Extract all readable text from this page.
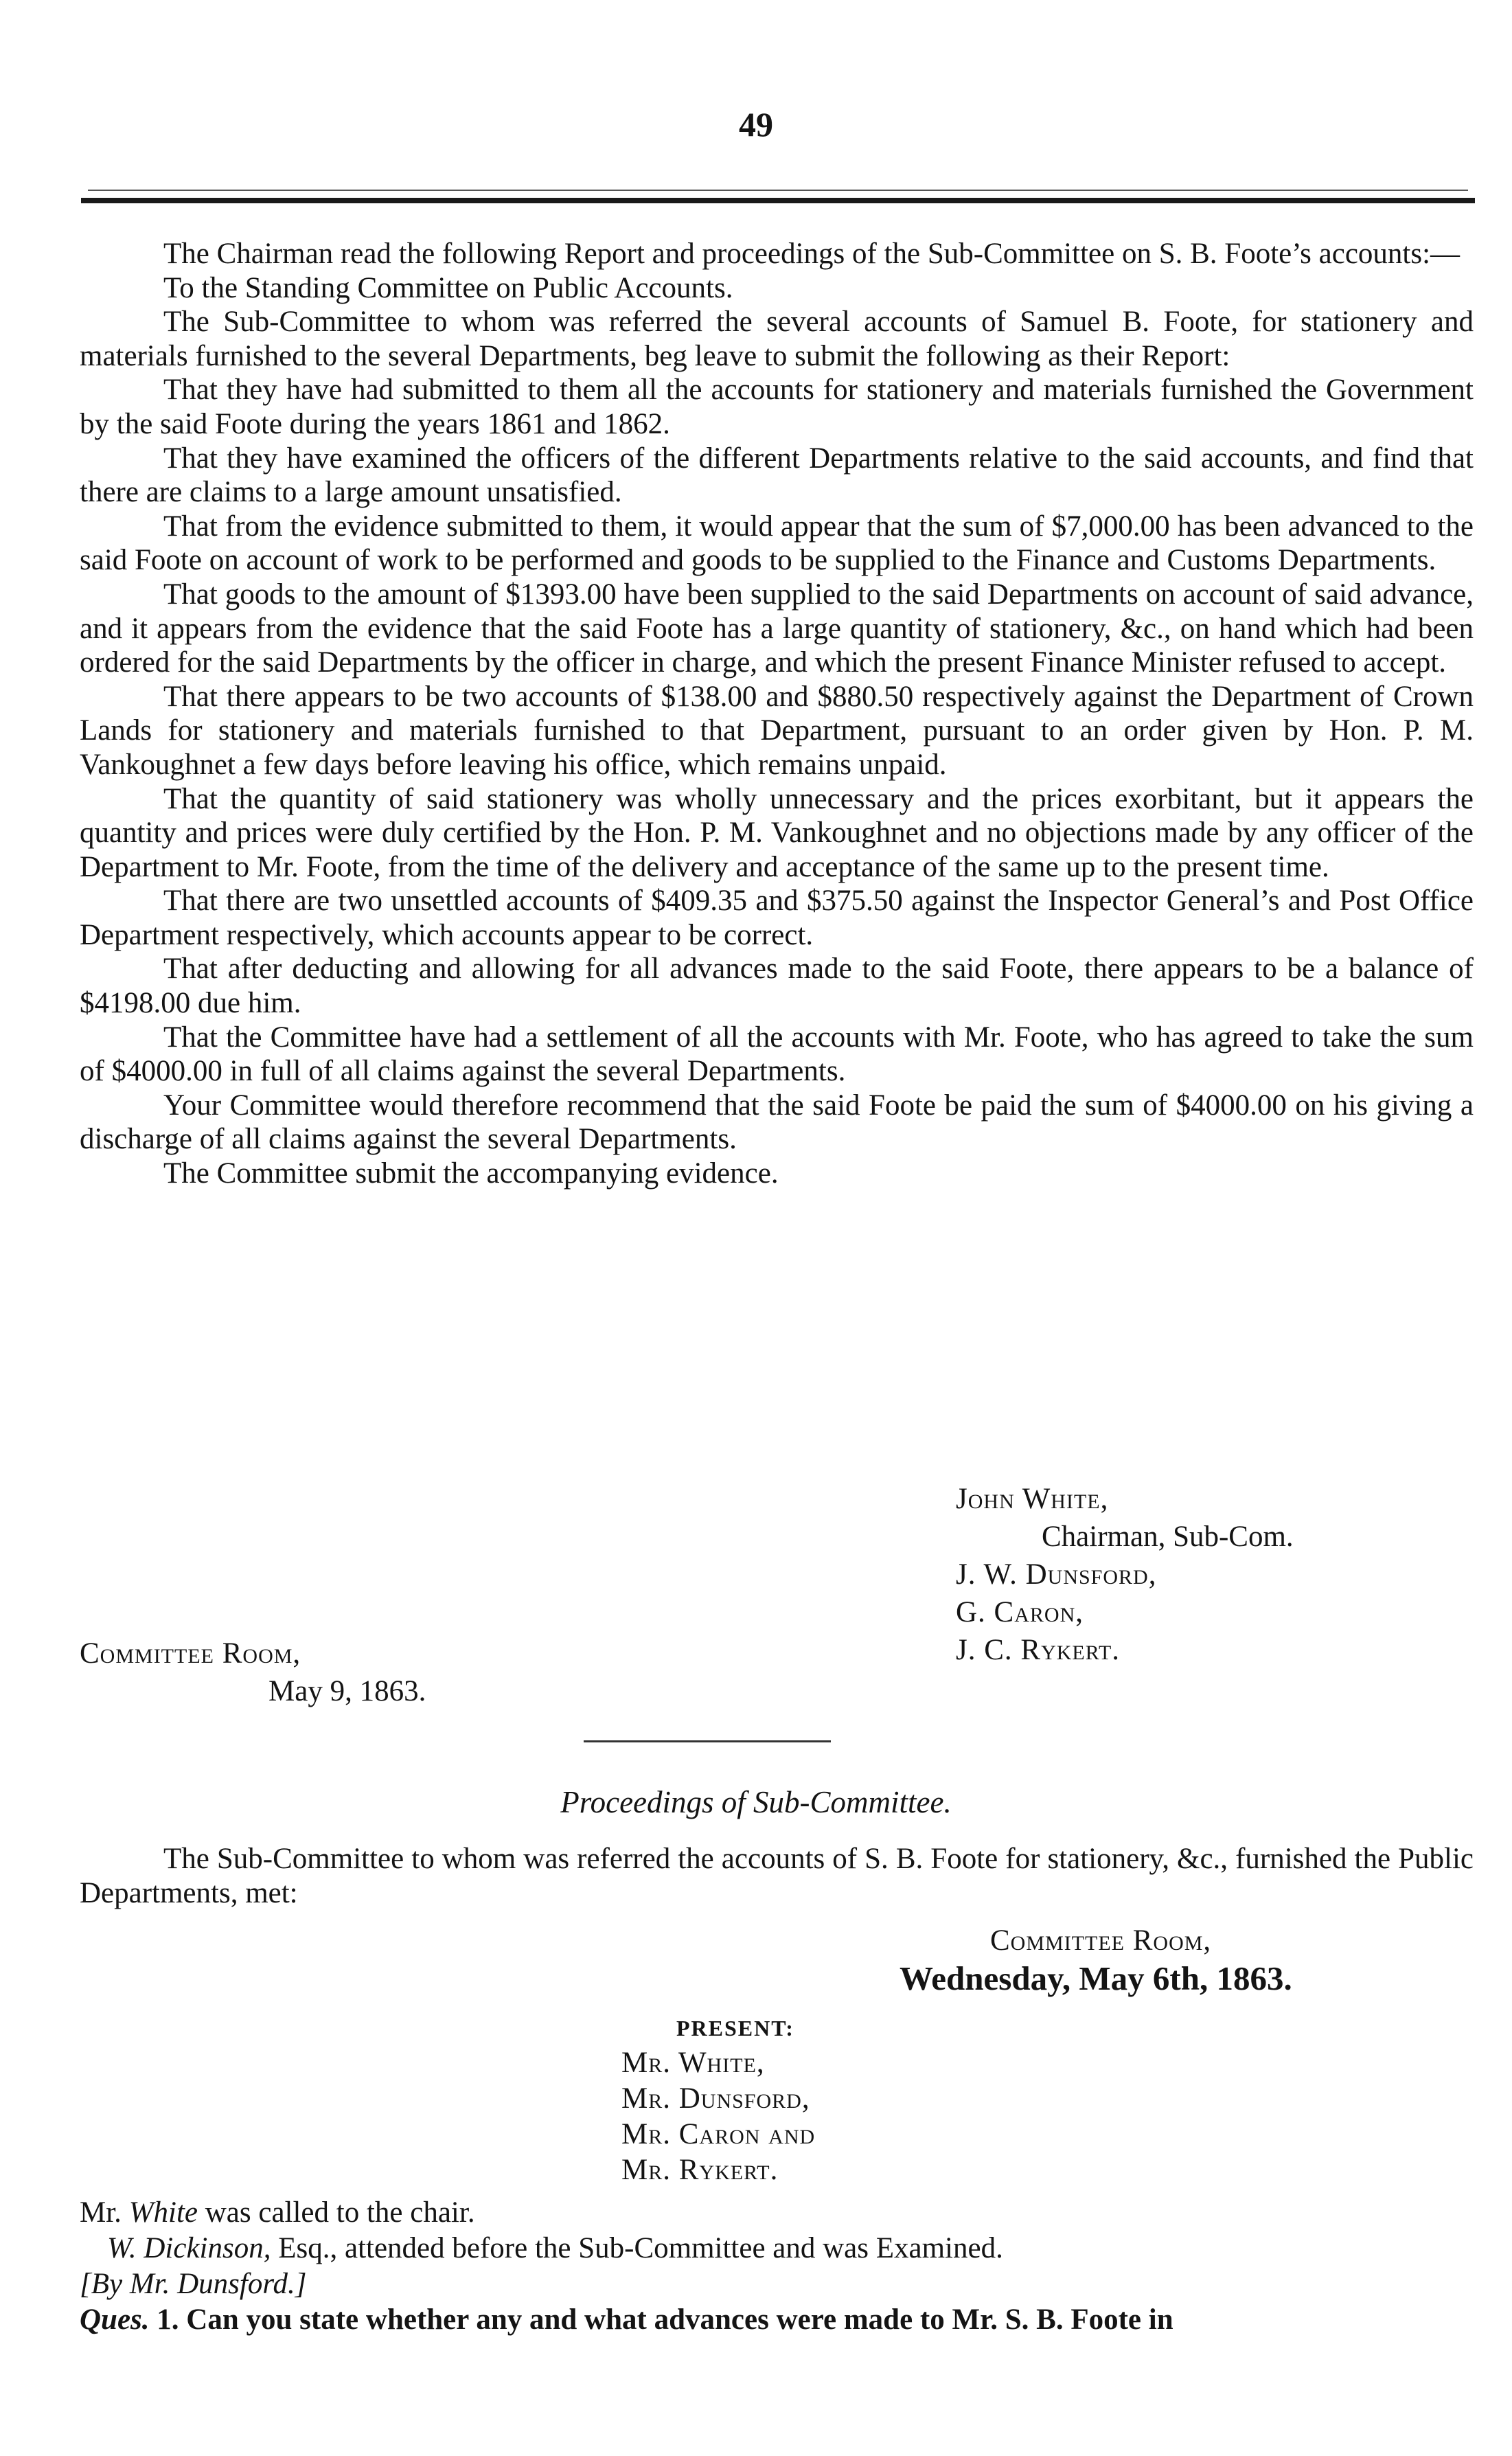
49

The Chairman read the following Report and proceedings of the Sub-Committee on S. B. Foote’s accounts:—

To the Standing Committee on Public Accounts.

The Sub-Committee to whom was referred the several accounts of Samuel B. Foote, for stationery and materials furnished to the several Departments, beg leave to submit the following as their Report:

That they have had submitted to them all the accounts for stationery and materials furnished the Government by the said Foote during the years 1861 and 1862.

That they have examined the officers of the different Departments relative to the said accounts, and find that there are claims to a large amount unsatisfied.

That from the evidence submitted to them, it would appear that the sum of $7,000.00 has been advanced to the said Foote on account of work to be performed and goods to be supplied to the Finance and Customs Departments.

That goods to the amount of $1393.00 have been supplied to the said Departments on account of said advance, and it appears from the evidence that the said Foote has a large quantity of stationery, &c., on hand which had been ordered for the said Departments by the officer in charge, and which the present Finance Minister refused to accept.

That there appears to be two accounts of $138.00 and $880.50 respectively against the Department of Crown Lands for stationery and materials furnished to that Department, pursuant to an order given by Hon. P. M. Vankoughnet a few days before leaving his office, which remains unpaid.

That the quantity of said stationery was wholly unnecessary and the prices exorbitant, but it appears the quantity and prices were duly certified by the Hon. P. M. Vankoughnet and no objections made by any officer of the Department to Mr. Foote, from the time of the delivery and acceptance of the same up to the present time.

That there are two unsettled accounts of $409.35 and $375.50 against the Inspector General’s and Post Office Department respectively, which accounts appear to be correct.

That after deducting and allowing for all advances made to the said Foote, there appears to be a balance of $4198.00 due him.

That the Committee have had a settlement of all the accounts with Mr. Foote, who has agreed to take the sum of $4000.00 in full of all claims against the several Departments.

Your Committee would therefore recommend that the said Foote be paid the sum of $4000.00 on his giving a discharge of all claims against the several Departments.

The Committee submit the accompanying evidence.

John White,
Chairman, Sub-Com.
J. W. Dunsford,
G. Caron,
J. C. Rykert.
Committee Room,
May 9, 1863.
Proceedings of Sub-Committee.

The Sub-Committee to whom was referred the accounts of S. B. Foote for stationery, &c., furnished the Public Departments, met:

Committee Room,
Wednesday, May 6th, 1863.
PRESENT:
Mr. White,
Mr. Dunsford,
Mr. Caron and
Mr. Rykert.
Mr. White was called to the chair.
W. Dickinson, Esq., attended before the Sub-Committee and was Examined.
[By Mr. Dunsford.]
Ques. 1. Can you state whether any and what advances were made to Mr. S. B. Foote in
